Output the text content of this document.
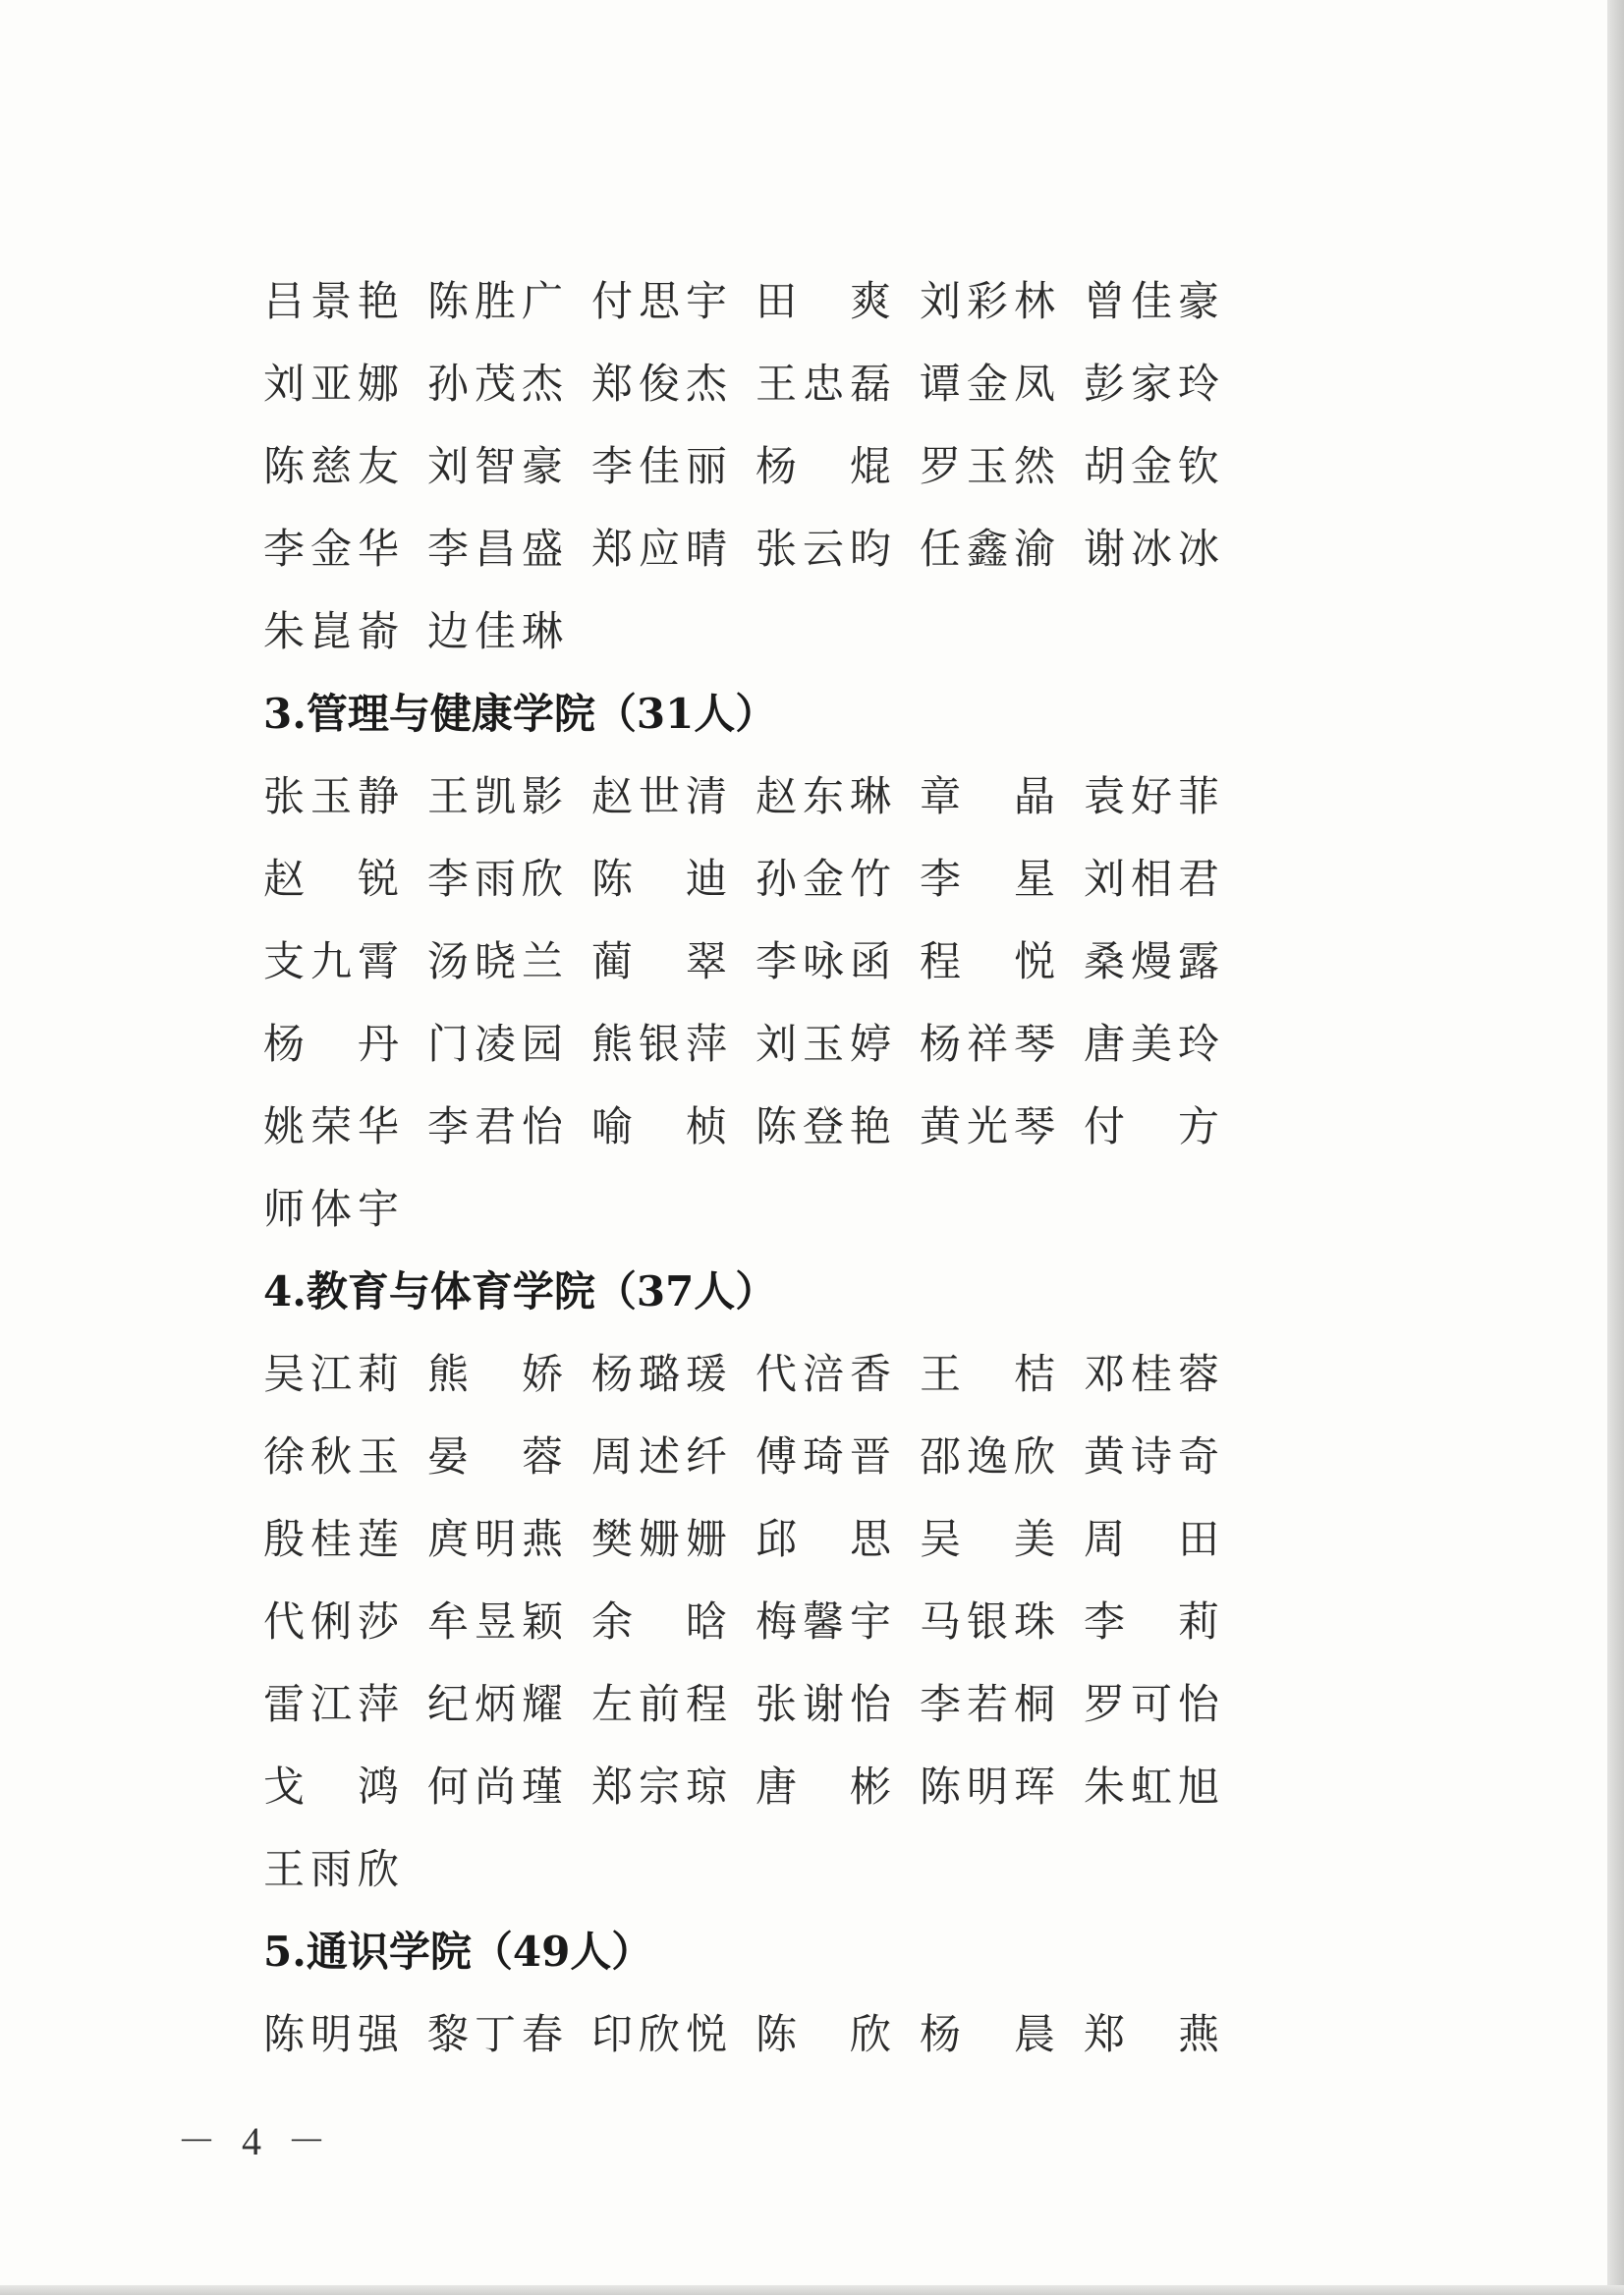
吕景艳 陈胜广 付思宇 田　爽 刘彩林 曾佳豪
刘亚娜 孙茂杰 郑俊杰 王忠磊 谭金凤 彭家玲
陈慈友 刘智豪 李佳丽 杨　焜 罗玉然 胡金钦
李金华 李昌盛 郑应晴 张云昀 任鑫渝 谢冰冰
朱崑嵛 边佳琳
3.管理与健康学院（31人）
张玉静 王凯影 赵世清 赵东琳 章　晶 袁好菲
赵　锐 李雨欣 陈　迪 孙金竹 李　星 刘相君
支九霄 汤晓兰 蔺　翠 李咏函 程　悦 桑熳露
杨　丹 门凌园 熊银萍 刘玉婷 杨祥琴 唐美玲
姚荣华 李君怡 喻　桢 陈登艳 黄光琴 付　方
师体宇
4.教育与体育学院（37人）
吴江莉 熊　娇 杨璐瑗 代涪香 王　桔 邓桂蓉
徐秋玉 晏　蓉 周述纤 傅琦晋 邵逸欣 黄诗奇
殷桂莲 庹明燕 樊姗姗 邱　思 吴　美 周　田
代俐莎 牟昱颖 余　晗 梅馨宇 马银珠 李　莉
雷江萍 纪炳耀 左前程 张谢怡 李若桐 罗可怡
戈　鸿 何尚瑾 郑宗琼 唐　彬 陈明珲 朱虹旭
王雨欣
5.通识学院（49人）
陈明强 黎丁春 印欣悦 陈　欣 杨　晨 郑　燕
－ 4 －
